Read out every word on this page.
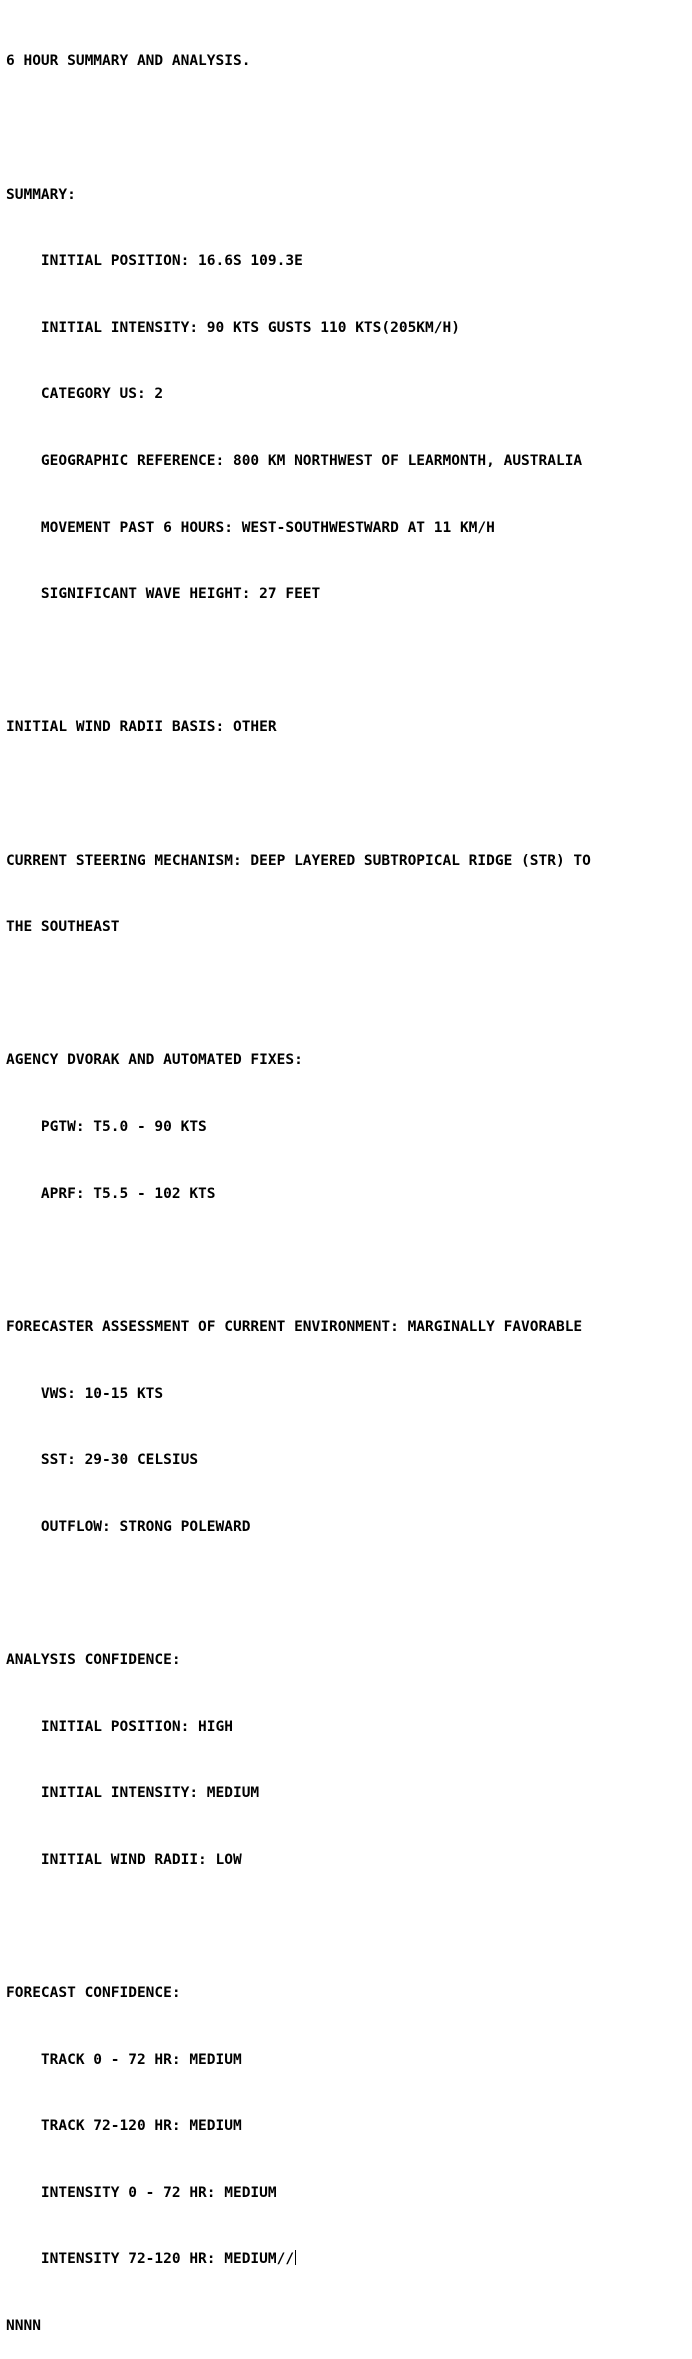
6 HOUR SUMMARY AND ANALYSIS.

SUMMARY:

INITIAL POSITION: 16.6S 109.3E

INITIAL INTENSITY: 90 KTS GUSTS 110 KTS(205KM/H)

CATEGORY US: 2

GEOGRAPHIC REFERENCE: 800 KM NORTHWEST OF LEARMONTH, AUSTRALIA

MOVEMENT PAST 6 HOURS: WEST-SOUTHWESTWARD AT 11 KM/H

SIGNIFICANT WAVE HEIGHT: 27 FEET

INITIAL WIND RADII BASIS: OTHER

CURRENT STEERING MECHANISM: DEEP LAYERED SUBTROPICAL RIDGE (STR) TO

THE SOUTHEAST

AGENCY DVORAK AND AUTOMATED FIXES:

PGTW: T5.0 - 90 KTS

APRF: T5.5 - 102 KTS

FORECASTER ASSESSMENT OF CURRENT ENVIRONMENT: MARGINALLY FAVORABLE

VWS: 10-15 KTS

SST: 29-30 CELSIUS

OUTFLOW: STRONG POLEWARD

ANALYSIS CONFIDENCE:

INITIAL POSITION: HIGH

INITIAL INTENSITY: MEDIUM

INITIAL WIND RADII: LOW

FORECAST CONFIDENCE:

TRACK 0 - 72 HR: MEDIUM

TRACK 72-120 HR: MEDIUM

INTENSITY 0 - 72 HR: MEDIUM

INTENSITY 72-120 HR: MEDIUM//

NNNN
